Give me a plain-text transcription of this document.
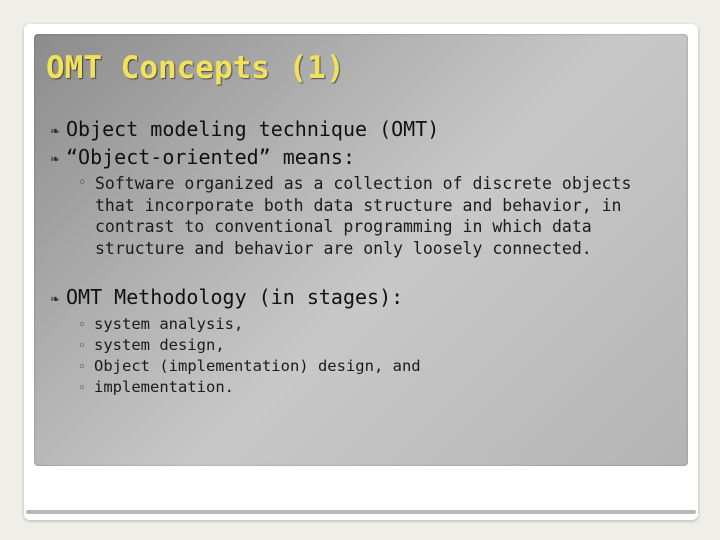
OMT Concepts (1)
❧ Object modeling technique (OMT)
❧ “Object-oriented” means:
◦ Software organized as a collection of discrete objects
that incorporate both data structure and behavior, in
contrast to conventional programming in which data
structure and behavior are only loosely connected.
❧ OMT Methodology (in stages):
◦ system analysis,
◦ system design,
◦ Object (implementation) design, and
◦ implementation.
